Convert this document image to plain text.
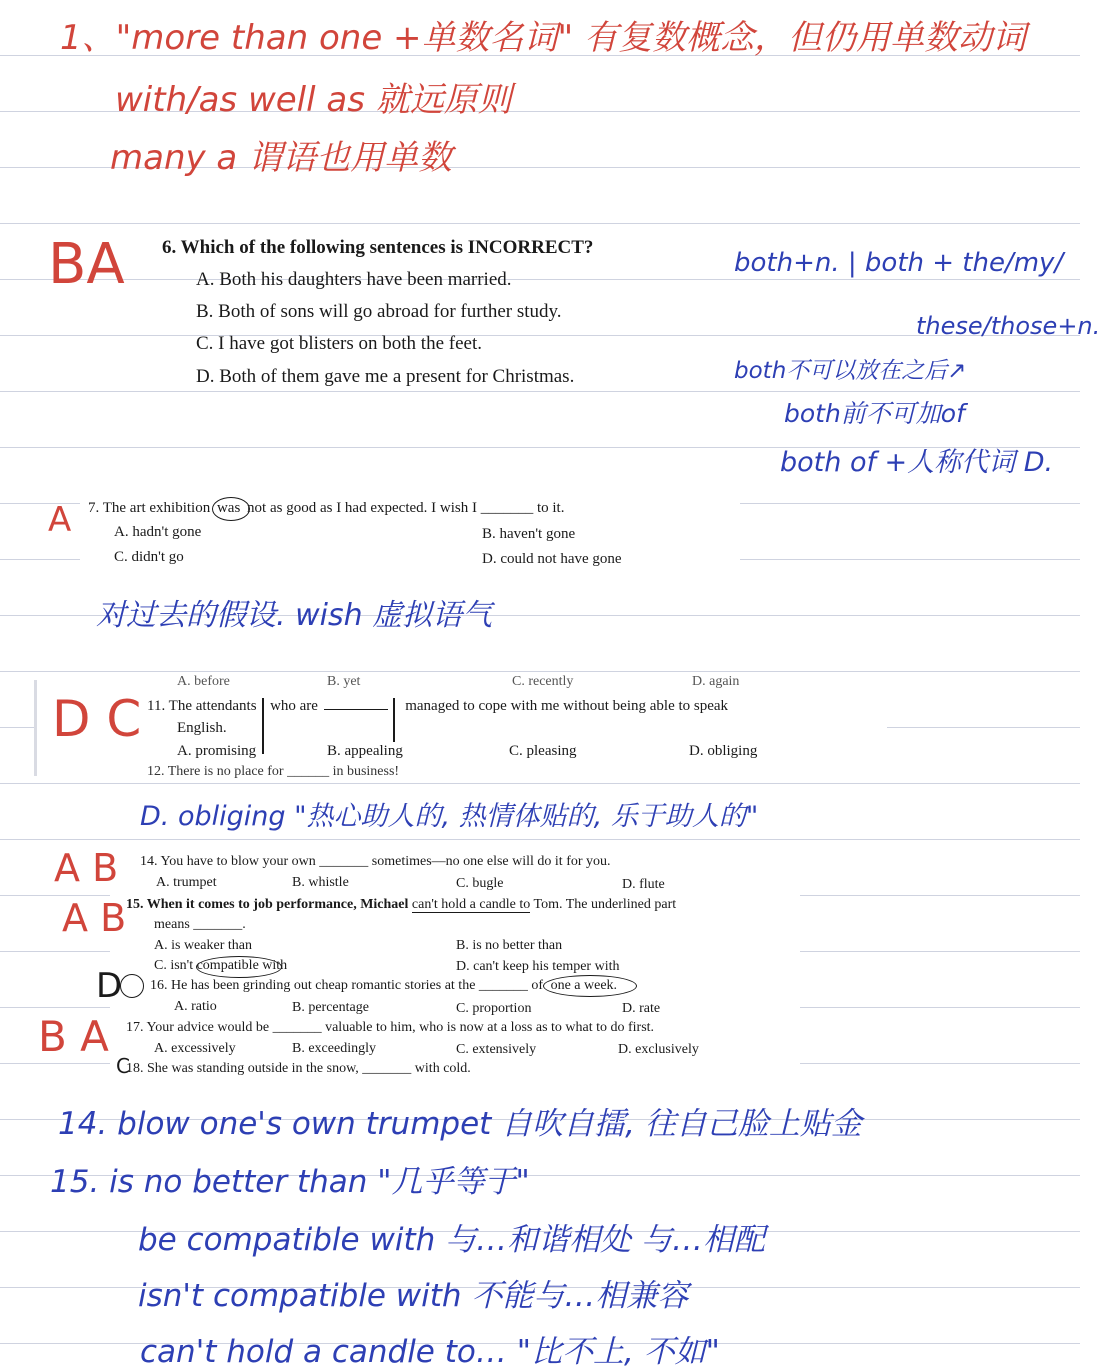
1、"more than one +单数名词" 有复数概念，但仍用单数动词
with/as well as 就远原则
many a 谓语也用单数
BA 6. Which of the following sentences is INCORRECT?
A. Both his daughters have been married.
B. Both of sons will go abroad for further study.
C. I have got blisters on both the feet.
D. Both of them gave me a present for Christmas.
both+n. | both + the/my/
these/those+n.
both不可以放在之后↗
both前不可加of
both of +人称代词 D.
7. The art exhibition was not as good as I had expected. I wish I _______ to it.
A. hadn't gone	B. haven't gone
C. didn't go	D. could not have gone
A
对过去的假设. wish 虚拟语气
A. before	B. yet	C. recently	D. again
11. The attendants who are	managed to cope with me without being able to speak
English.
A. promising	B. appealing	C. pleasing	D. obliging
12. There is no place for ______ in business!
D C
D. obliging "热心助人的, 热情体贴的, 乐于助人的"
14. You have to blow your own _______ sometimes—no one else will do it for you.
A. trumpet	B. whistle	C. bugle	D. flute
15. When it comes to job performance, Michael can't hold a candle to Tom. The underlined part
means _______.
A. is weaker than	B. is no better than
C. isn't compatible with	D. can't keep his temper with
16. He has been grinding out cheap romantic stories at the _______ of one a week.
A. ratio	B. percentage	C. proportion	D. rate
17. Your advice would be _______ valuable to him, who is now at a loss as to what to do first.
A. excessively	B. exceedingly	C. extensively	D. exclusively
18. She was standing outside in the snow, _______ with cold.
A B
A B
D
B A
C
14. blow one's own trumpet 自吹自擂, 往自己脸上贴金
15. is no better than "几乎等于"
be compatible with 与…和谐相处 与…相配
isn't compatible with 不能与…相兼容
can't hold a candle to… "比不上, 不如"
